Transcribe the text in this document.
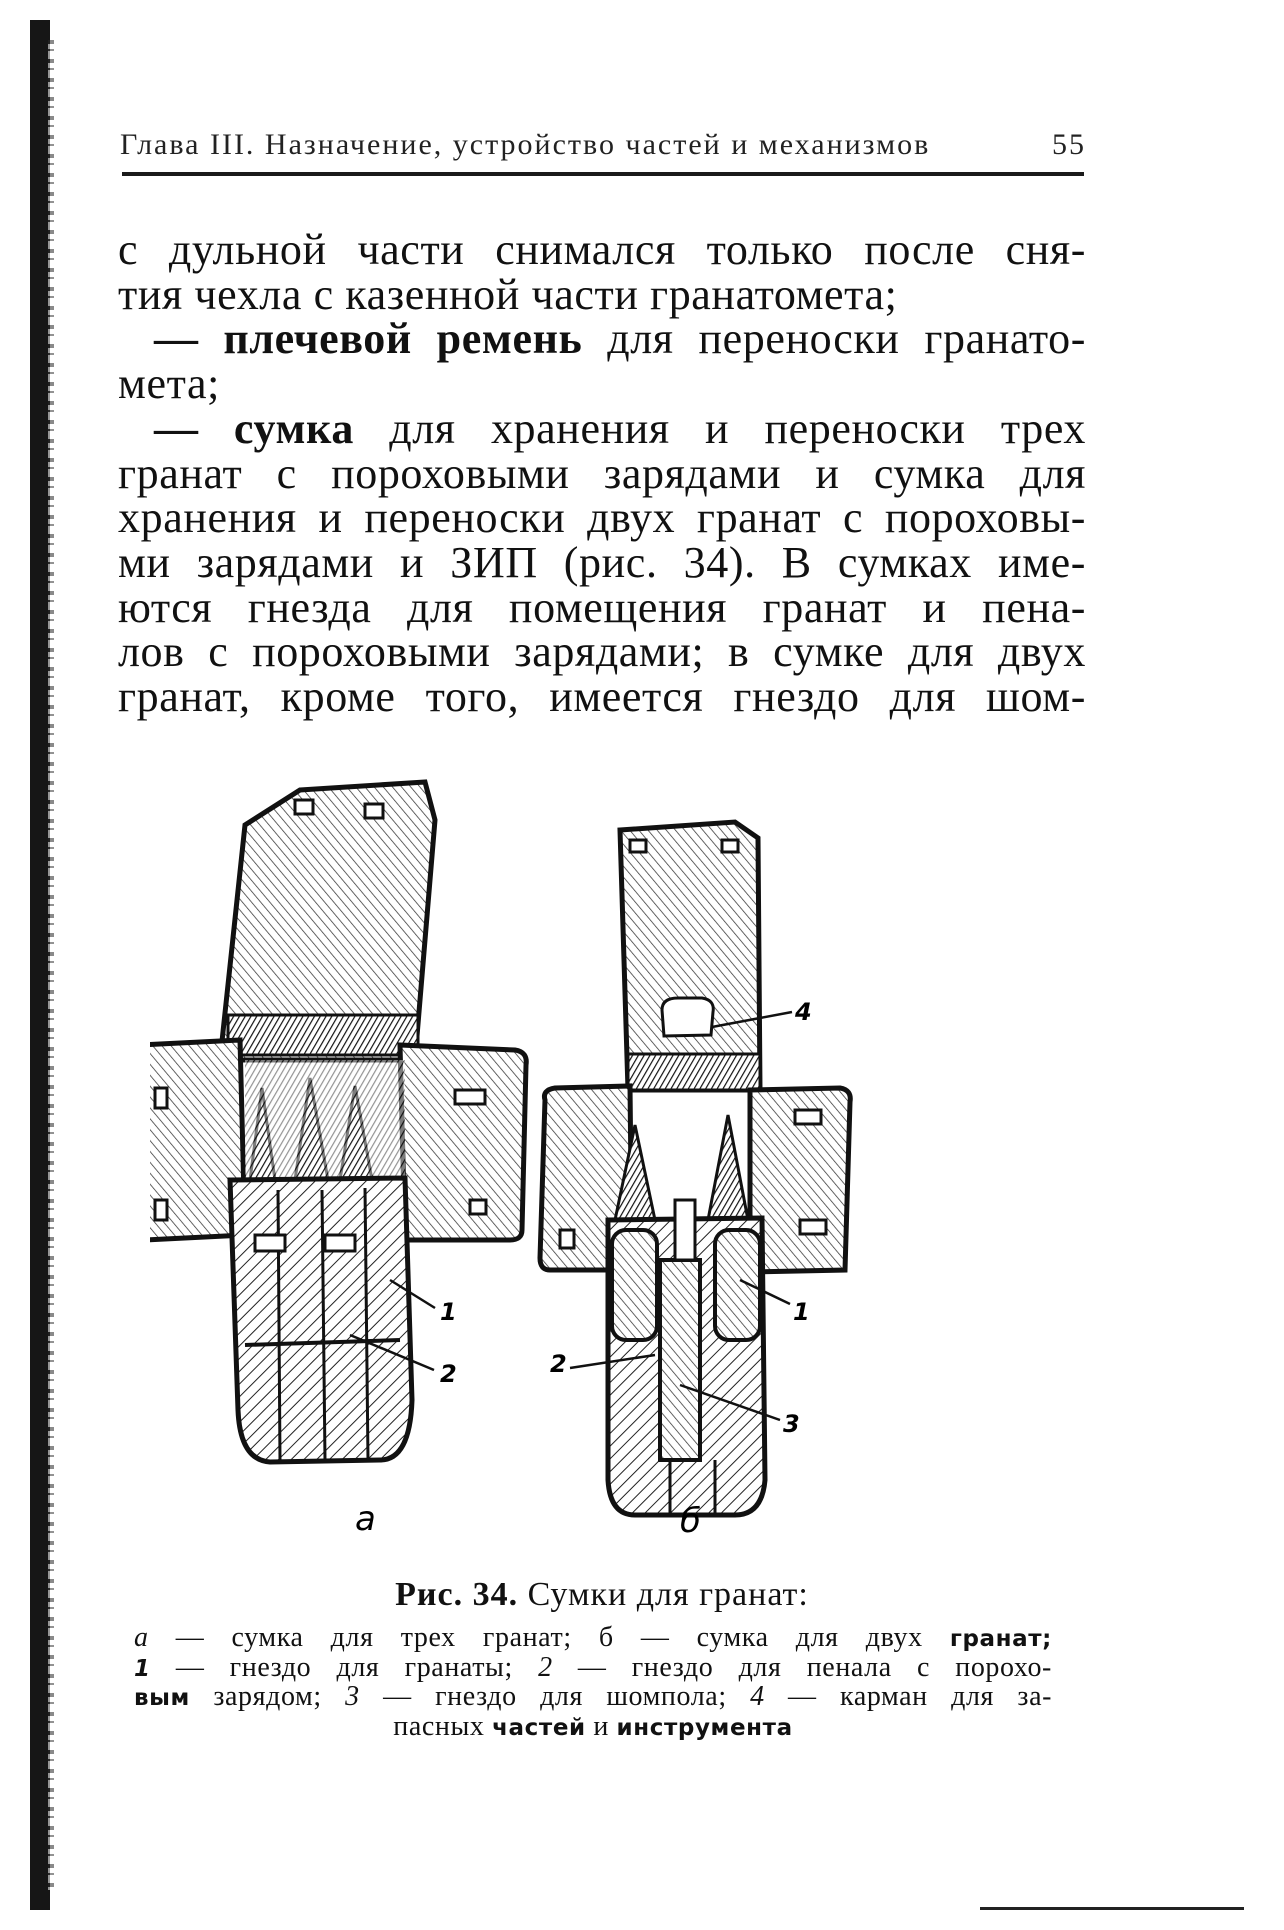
Глава III. Назначение, устройство частей и механизмов	55

с дульной части снимался только после сня-

тия чехла с казенной части гранатомета;

— плечевой ремень для переноски гранато-

мета;

— сумка для хранения и переноски трех

гранат с пороховыми зарядами и сумка для

хранения и переноски двух гранат с пороховы-

ми зарядами и ЗИП (рис. 34). В сумках име-

ются гнезда для помещения гранат и пена-

лов с пороховыми зарядами; в сумке для двух

гранат, кроме того, имеется гнездо для шом-

1
2
4
1
2
3
а	б
Рис. 34. Сумки для гранат:

а — сумка для трех гранат; б — сумка для двух гранат;

1 — гнездо для гранаты; 2 — гнездо для пенала с порохо-

вым зарядом; 3 — гнездо для шомпола; 4 — карман для за-

пасных частей и инструмента
